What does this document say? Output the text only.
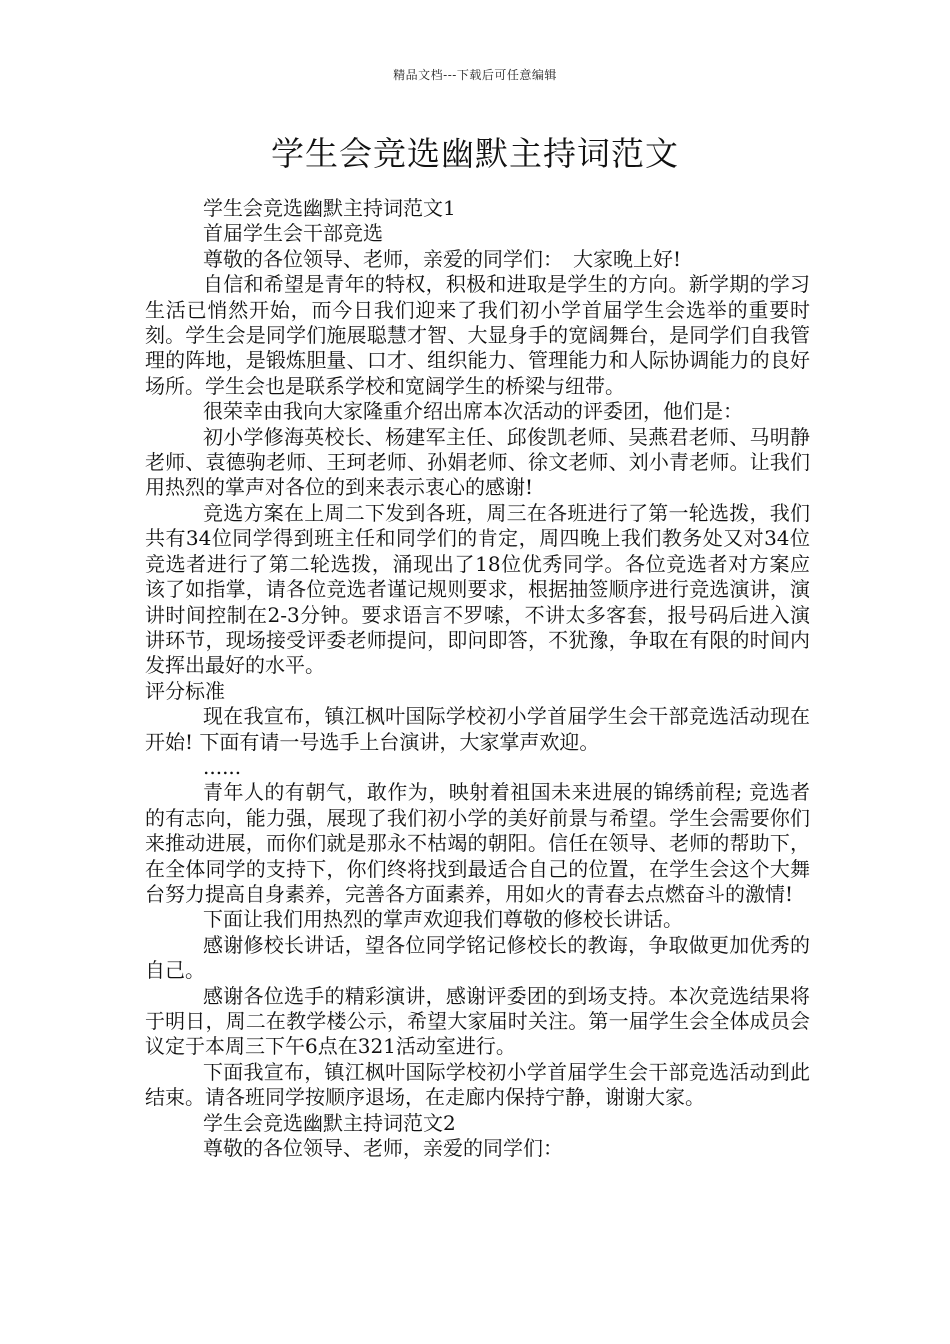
精品文档---下载后可任意编辑
学生会竞选幽默主持词范文

学生会竞选幽默主持词范文1

首届学生会干部竞选

尊敬的各位领导、老师，亲爱的同学们：　大家晚上好!

自信和希望是青年的特权，积极和进取是学生的方向。新学期的学习生活已悄然开始，而今日我们迎来了我们初小学首届学生会选举的重要时刻。学生会是同学们施展聪慧才智、大显身手的宽阔舞台，是同学们自我管理的阵地，是锻炼胆量、口才、组织能力、管理能力和人际协调能力的良好场所。学生会也是联系学校和宽阔学生的桥梁与纽带。

很荣幸由我向大家隆重介绍出席本次活动的评委团，他们是：

初小学修海英校长、杨建军主任、邱俊凯老师、吴燕君老师、马明静老师、袁德驹老师、王珂老师、孙娟老师、徐文老师、刘小青老师。让我们用热烈的掌声对各位的到来表示衷心的感谢!

竞选方案在上周二下发到各班，周三在各班进行了第一轮选拨，我们共有34位同学得到班主任和同学们的肯定，周四晚上我们教务处又对34位竞选者进行了第二轮选拨，涌现出了18位优秀同学。各位竞选者对方案应该了如指掌，请各位竞选者谨记规则要求，根据抽签顺序进行竞选演讲，演讲时间控制在2-3分钟。要求语言不罗嗦，不讲太多客套，报号码后进入演讲环节，现场接受评委老师提问，即问即答，不犹豫，争取在有限的时间内发挥出最好的水平。

评分标准

现在我宣布，镇江枫叶国际学校初小学首届学生会干部竞选活动现在开始! 下面有请一号选手上台演讲，大家掌声欢迎。

......

青年人的有朝气，敢作为，映射着祖国未来进展的锦绣前程; 竞选者的有志向，能力强，展现了我们初小学的美好前景与希望。学生会需要你们来推动进展，而你们就是那永不枯竭的朝阳。信任在领导、老师的帮助下，在全体同学的支持下，你们终将找到最适合自己的位置，在学生会这个大舞台努力提高自身素养，完善各方面素养，用如火的青春去点燃奋斗的激情!

下面让我们用热烈的掌声欢迎我们尊敬的修校长讲话。

感谢修校长讲话，望各位同学铭记修校长的教诲，争取做更加优秀的自己。

感谢各位选手的精彩演讲，感谢评委团的到场支持。本次竞选结果将于明日，周二在教学楼公示，希望大家届时关注。第一届学生会全体成员会议定于本周三下午6点在321活动室进行。

下面我宣布，镇江枫叶国际学校初小学首届学生会干部竞选活动到此结束。请各班同学按顺序退场，在走廊内保持宁静，谢谢大家。

学生会竞选幽默主持词范文2

尊敬的各位领导、老师，亲爱的同学们：
